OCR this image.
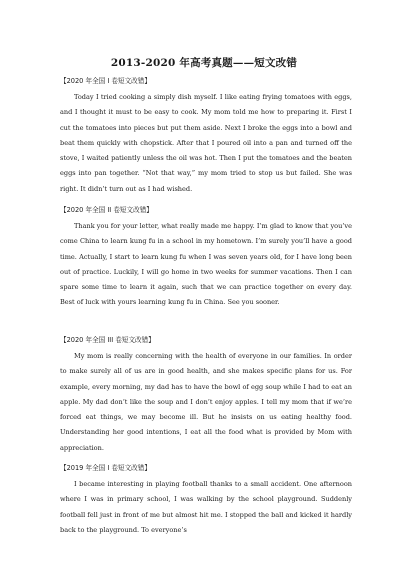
2013-2020 年高考真题——短文改错
【2020 年全国 I 卷短文改错】
Today I tried cooking a simply dish myself. I like eating frying tomatoes with eggs, and I thought it must to be easy to cook. My mom told me how to preparing it. First I cut the tomatoes into pieces but put them aside. Next I broke the eggs into a bowl and beat them quickly with chopstick. After that I poured oil into a pan and turned off the stove, I waited patiently unless the oil was hot. Then I put the tomatoes and the beaten eggs into pan together. “Not that way,” my mom tried to stop us but failed. She was right. It didn’t turn out as I had wished.
【2020 年全国 II 卷短文改错】
Thank you for your letter, what really made me happy. I’m glad to know that you’ve come China to learn kung fu in a school in my hometown. I’m surely you’ll have a good time. Actually, I start to learn kung fu when I was seven years old, for I have long been out of practice. Luckily, I will go home in two weeks for summer vacations. Then I can spare some time to learn it again, such that we can practice together on every day. Best of luck with yours learning kung fu in China. See you sooner.
【2020 年全国 III 卷短文改错】
My mom is really concerning with the health of everyone in our families. In order to make surely all of us are in good health, and she makes specific plans for us. For example, every morning, my dad has to have the bowl of egg soup while I had to eat an apple. My dad don’t like the soup and I don’t enjoy apples. I tell my mom that if we’re forced eat things, we may become ill. But he insists on us eating healthy food. Understanding her good intentions, I eat all the food what is provided by Mom with appreciation.
【2019 年全国 I 卷短文改错】
I became interesting in playing football thanks to a small accident. One afternoon where I was in primary school, I was walking by the school playground. Suddenly football fell just in front of me but almost hit me. I stopped the ball and kicked it hardly back to the playground. To everyone’s
